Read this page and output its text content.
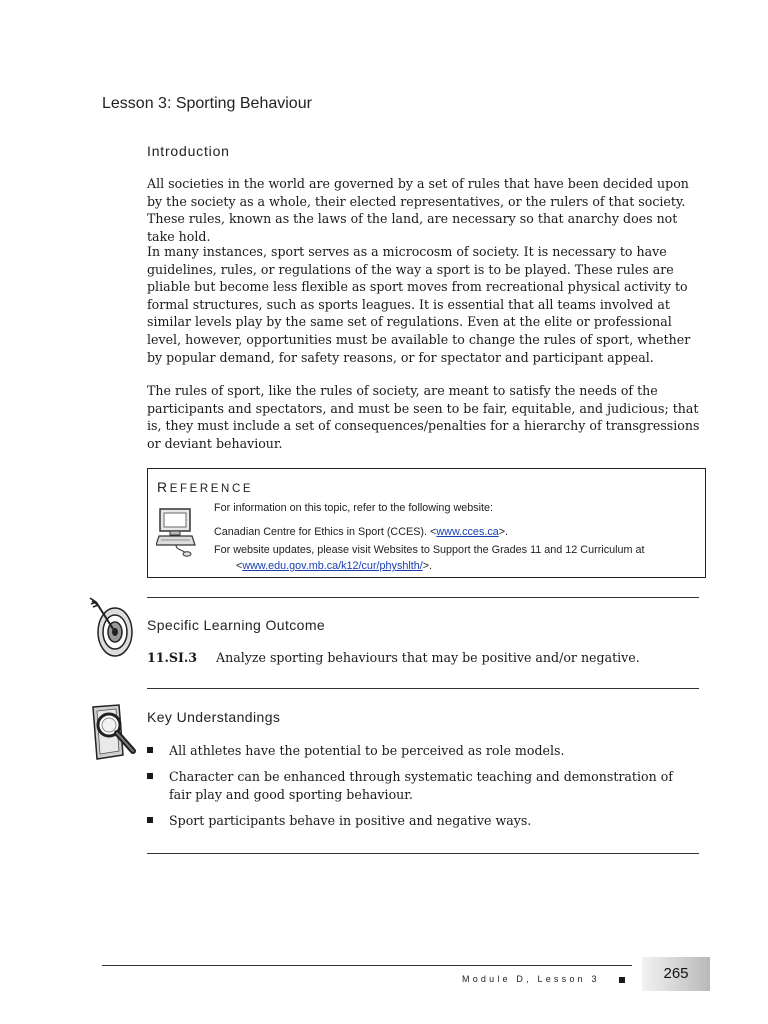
Lesson 3: Sporting Behaviour
Introduction

All societies in the world are governed by a set of rules that have been decided upon by the society as a whole, their elected representatives, or the rulers of that society. These rules, known as the laws of the land, are necessary so that anarchy does not take hold.

In many instances, sport serves as a microcosm of society. It is necessary to have guidelines, rules, or regulations of the way a sport is to be played. These rules are pliable but become less flexible as sport moves from recreational physical activity to formal structures, such as sports leagues. It is essential that all teams involved at similar levels play by the same set of regulations. Even at the elite or professional level, however, opportunities must be available to change the rules of sport, whether by popular demand, for safety reasons, or for spectator and participant appeal.

The rules of sport, like the rules of society, are meant to satisfy the needs of the participants and spectators, and must be seen to be fair, equitable, and judicious; that is, they must include a set of consequences/penalties for a hierarchy of transgressions or deviant behaviour.

REFERENCE
For information on this topic, refer to the following website:
Canadian Centre for Ethics in Sport (CCES). <www.cces.ca>.
For website updates, please visit Websites to Support the Grades 11 and 12 Curriculum at
<www.edu.gov.mb.ca/k12/cur/physhlth/>.
Specific Learning Outcome
11.SI.3 Analyze sporting behaviours that may be positive and/or negative.
Key Understandings
All athletes have the potential to be perceived as role models.
Character can be enhanced through systematic teaching and demonstration of fair play and good sporting behaviour.
Sport participants behave in positive and negative ways.
Module D, Lesson 3	265
